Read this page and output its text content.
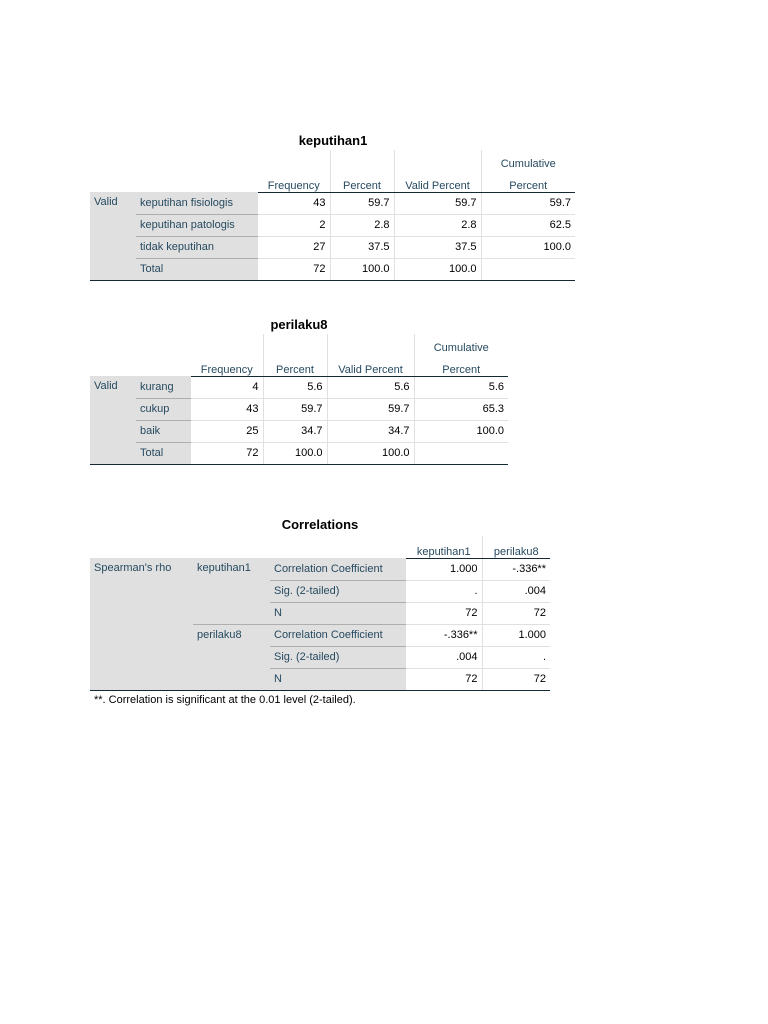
keputihan1
					Cumulative
		Frequency	Percent	Valid Percent	Percent
Valid	keputihan fisiologis	43	59.7	59.7	59.7
	keputihan patologis	2	2.8	2.8	62.5
	tidak keputihan	27	37.5	37.5	100.0
	Total	72	100.0	100.0	
perilaku8
					Cumulative
		Frequency	Percent	Valid Percent	Percent
Valid	kurang	4	5.6	5.6	5.6
	cukup	43	59.7	59.7	65.3
	baik	25	34.7	34.7	100.0
	Total	72	100.0	100.0	
Correlations
			keputihan1	perilaku8
Spearman's rho	keputihan1	Correlation Coefficient	1.000	-.336**
		Sig. (2-tailed)	.	.004
		N	72	72
	perilaku8	Correlation Coefficient	-.336**	1.000
		Sig. (2-tailed)	.004	.
		N	72	72
**. Correlation is significant at the 0.01 level (2-tailed).
